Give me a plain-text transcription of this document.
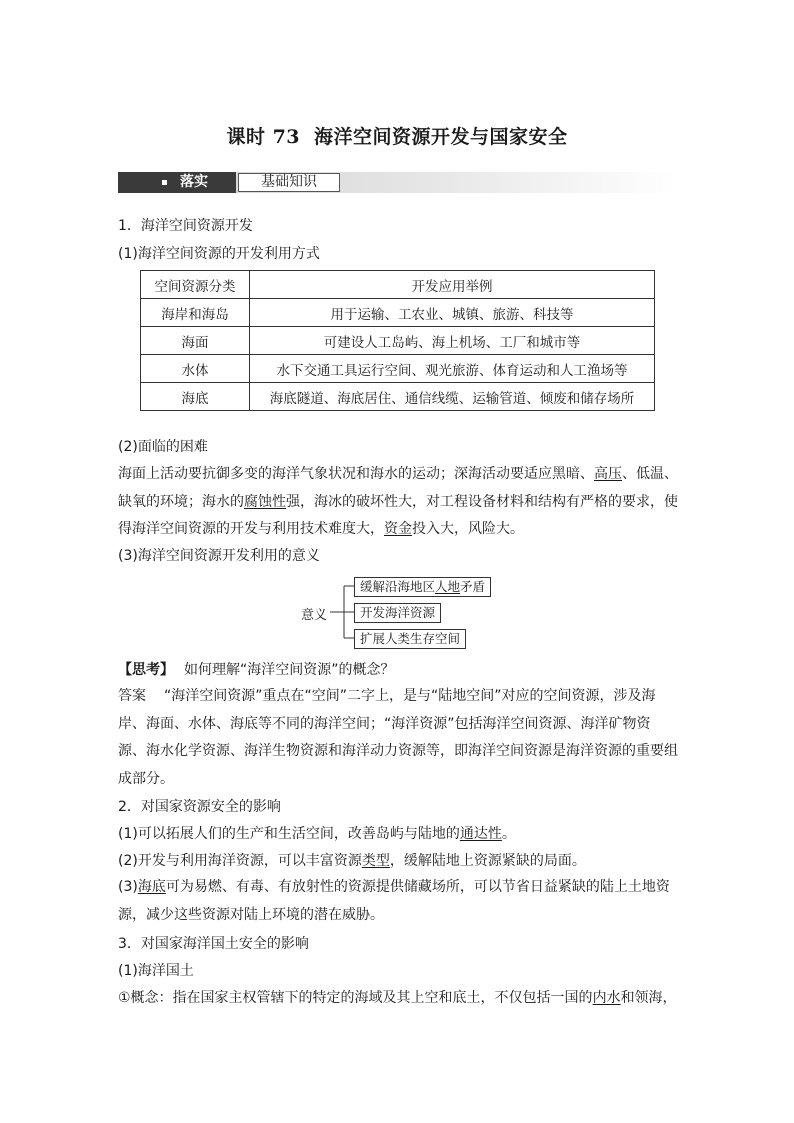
课时 73 海洋空间资源开发与国家安全
落实	基础知识
1．海洋空间资源开发
(1)海洋空间资源的开发利用方式
空间资源分类	开发应用举例
海岸和海岛	用于运输、工农业、城镇、旅游、科技等
海面	可建设人工岛屿、海上机场、工厂和城市等
水体	水下交通工具运行空间、观光旅游、体育运动和人工渔场等
海底	海底隧道、海底居住、通信线缆、运输管道、倾废和储存场所
(2)面临的困难
海面上活动要抗御多变的海洋气象状况和海水的运动；深海活动要适应黑暗、高压、低温、缺氧的环境；海水的腐蚀性强，海冰的破坏性大，对工程设备材料和结构有严格的要求，使得海洋空间资源的开发与利用技术难度大，资金投入大，风险大。
(3)海洋空间资源开发利用的意义
意义
缓解沿海地区人地矛盾
开发海洋资源
扩展人类生存空间
【思考】 如何理解“海洋空间资源”的概念？
答案 “海洋空间资源”重点在“空间”二字上，是与“陆地空间”对应的空间资源，涉及海岸、海面、水体、海底等不同的海洋空间；“海洋资源”包括海洋空间资源、海洋矿物资源、海水化学资源、海洋生物资源和海洋动力资源等，即海洋空间资源是海洋资源的重要组成部分。
2．对国家资源安全的影响
(1)可以拓展人们的生产和生活空间，改善岛屿与陆地的通达性。
(2)开发与利用海洋资源，可以丰富资源类型，缓解陆地上资源紧缺的局面。
(3)海底可为易燃、有毒、有放射性的资源提供储藏场所，可以节省日益紧缺的陆上土地资源，减少这些资源对陆上环境的潜在威胁。
3．对国家海洋国土安全的影响
(1)海洋国土
①概念：指在国家主权管辖下的特定的海域及其上空和底土，不仅包括一国的内水和领海，
